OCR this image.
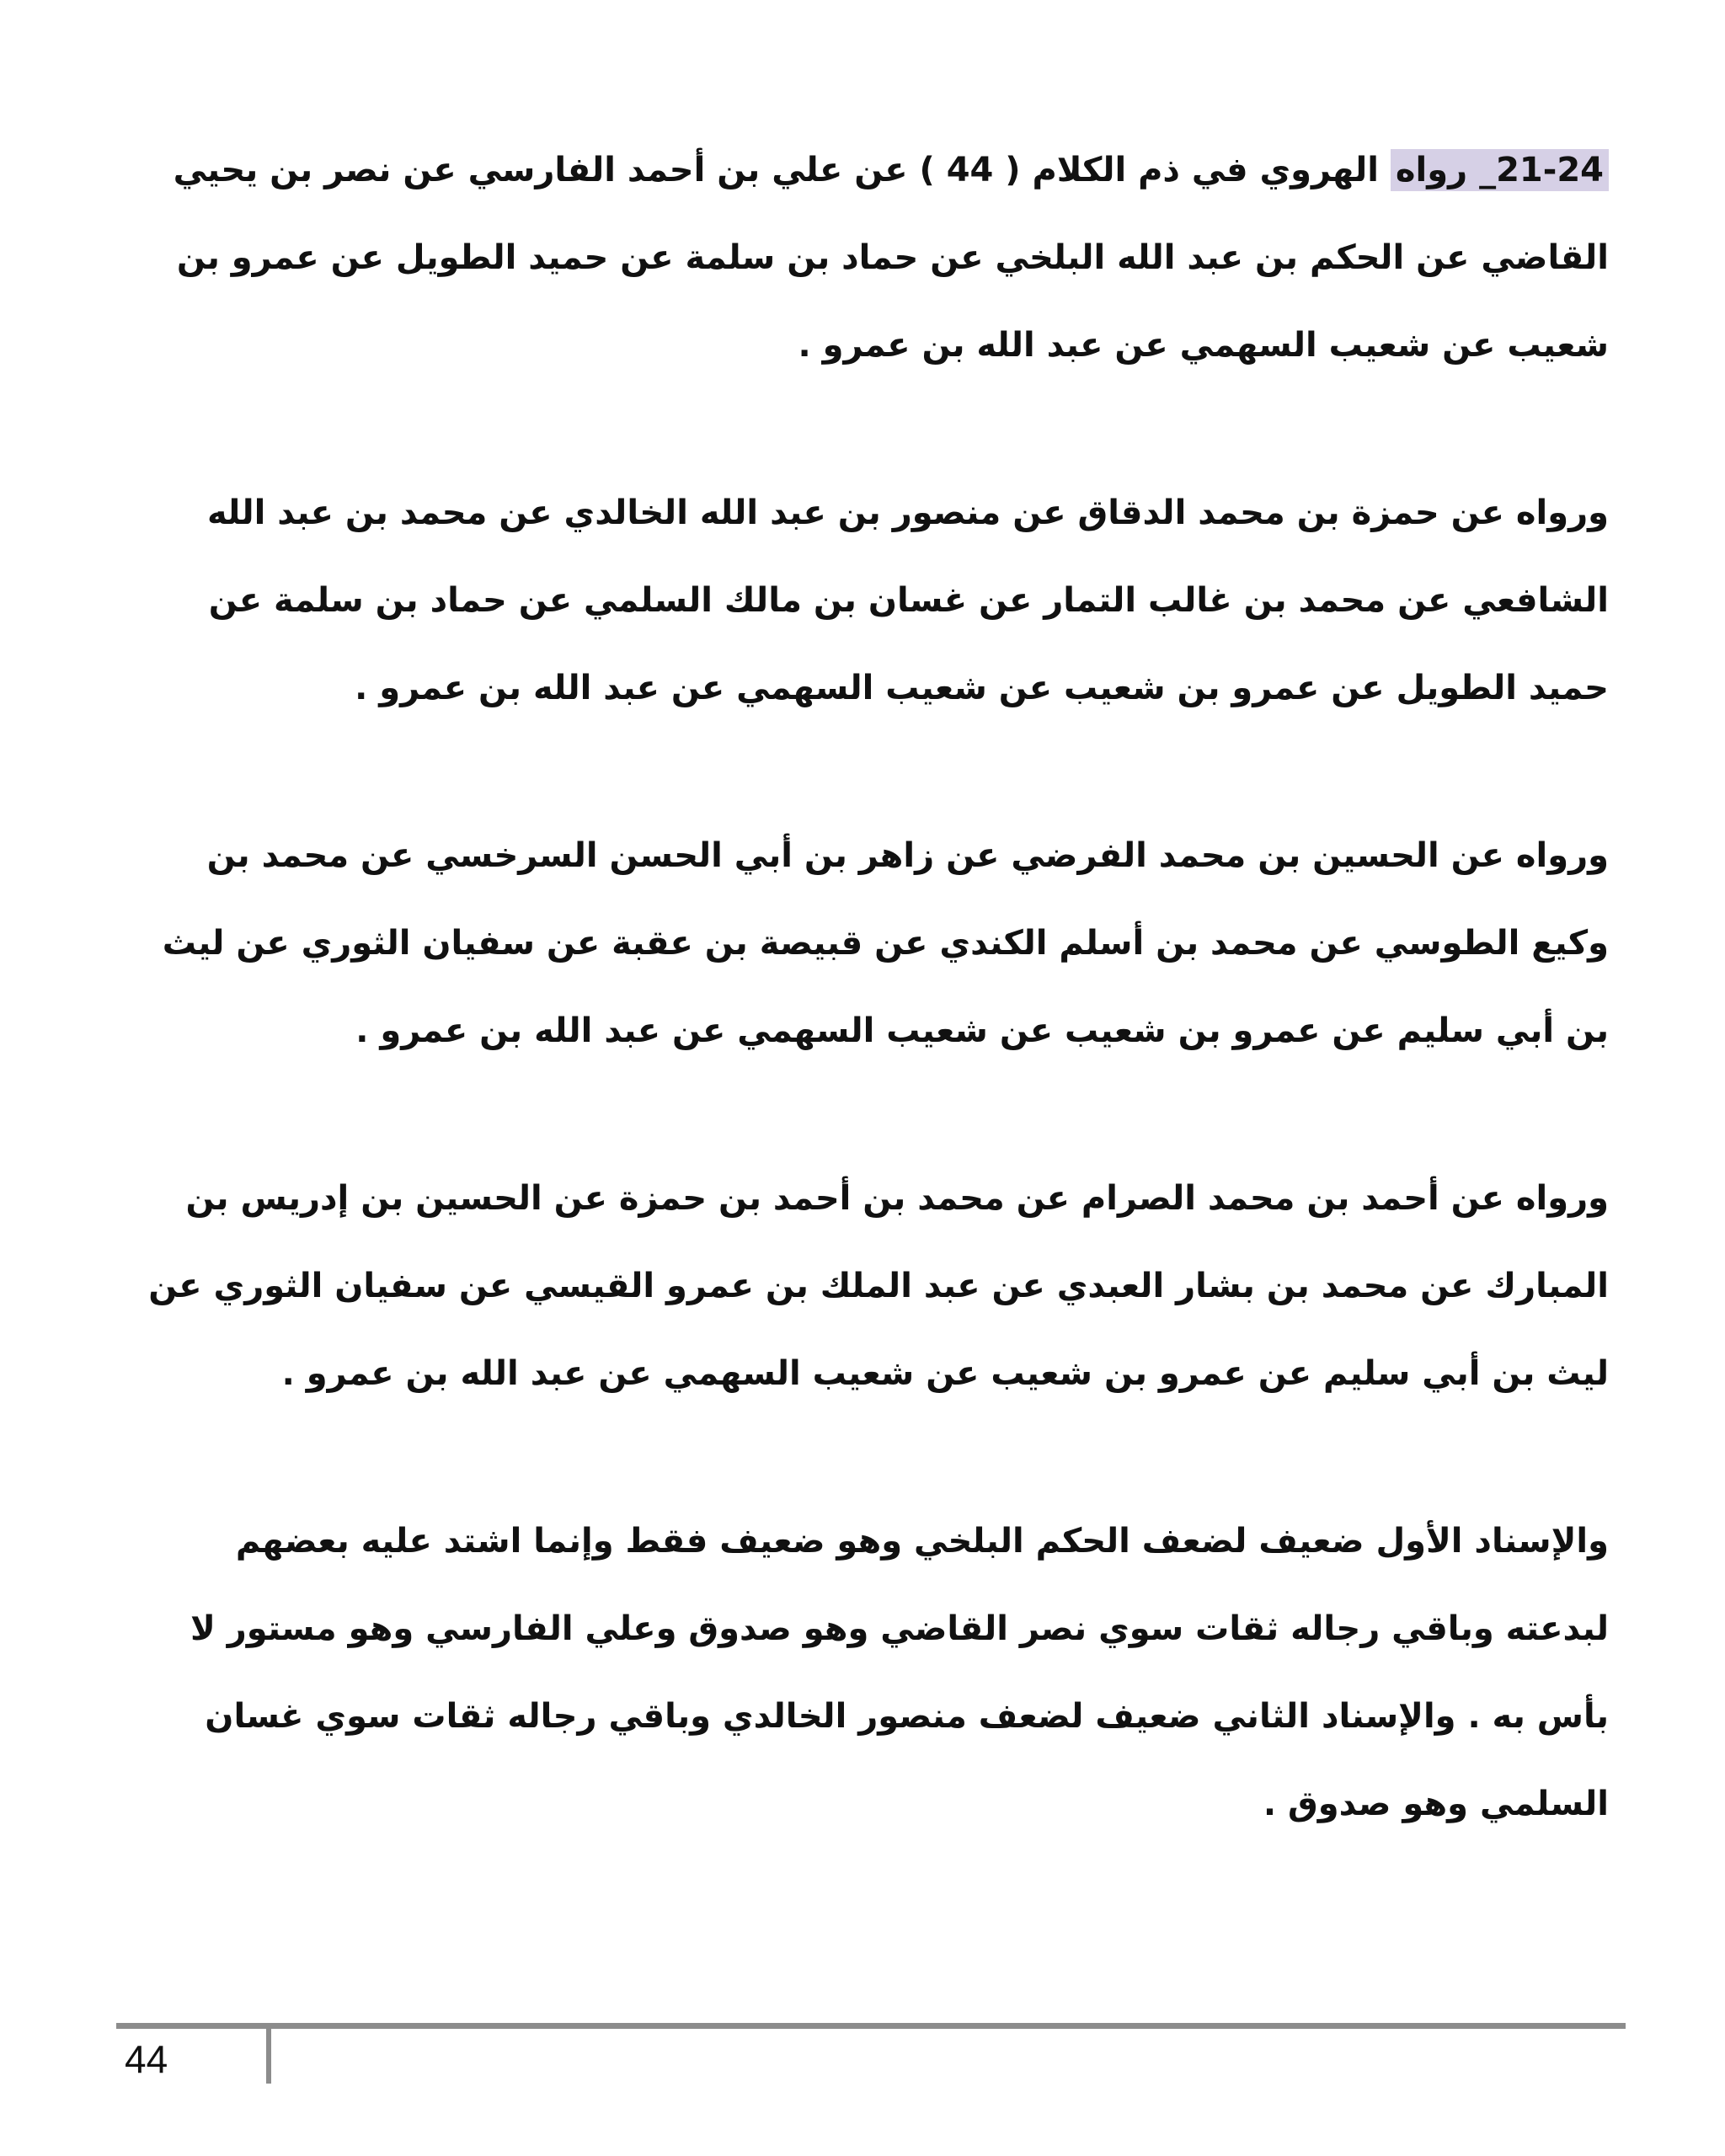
21-24_ رواه الهروي في ذم الكلام ( 44 ) عن علي بن أحمد الفارسي عن نصر بن يحيي القاضي عن الحكم بن عبد الله البلخي عن حماد بن سلمة عن حميد الطويل عن عمرو بن شعيب عن شعيب السهمي عن عبد الله بن عمرو .

ورواه عن حمزة بن محمد الدقاق عن منصور بن عبد الله الخالدي عن محمد بن عبد الله الشافعي عن محمد بن غالب التمار عن غسان بن مالك السلمي عن حماد بن سلمة عن حميد الطويل عن عمرو بن شعيب عن شعيب السهمي عن عبد الله بن عمرو .

ورواه عن الحسين بن محمد الفرضي عن زاهر بن أبي الحسن السرخسي عن محمد بن وكيع الطوسي عن محمد بن أسلم الكندي عن قبيصة بن عقبة عن سفيان الثوري عن ليث بن أبي سليم عن عمرو بن شعيب عن شعيب السهمي عن عبد الله بن عمرو .

ورواه عن أحمد بن محمد الصرام عن محمد بن أحمد بن حمزة عن الحسين بن إدريس بن المبارك عن محمد بن بشار العبدي عن عبد الملك بن عمرو القيسي عن سفيان الثوري عن ليث بن أبي سليم عن عمرو بن شعيب عن شعيب السهمي عن عبد الله بن عمرو .

والإسناد الأول ضعيف لضعف الحكم البلخي وهو ضعيف فقط وإنما اشتد عليه بعضهم لبدعته وباقي رجاله ثقات سوي نصر القاضي وهو صدوق وعلي الفارسي وهو مستور لا بأس به . والإسناد الثاني ضعيف لضعف منصور الخالدي وباقي رجاله ثقات سوي غسان السلمي وهو صدوق .

44
